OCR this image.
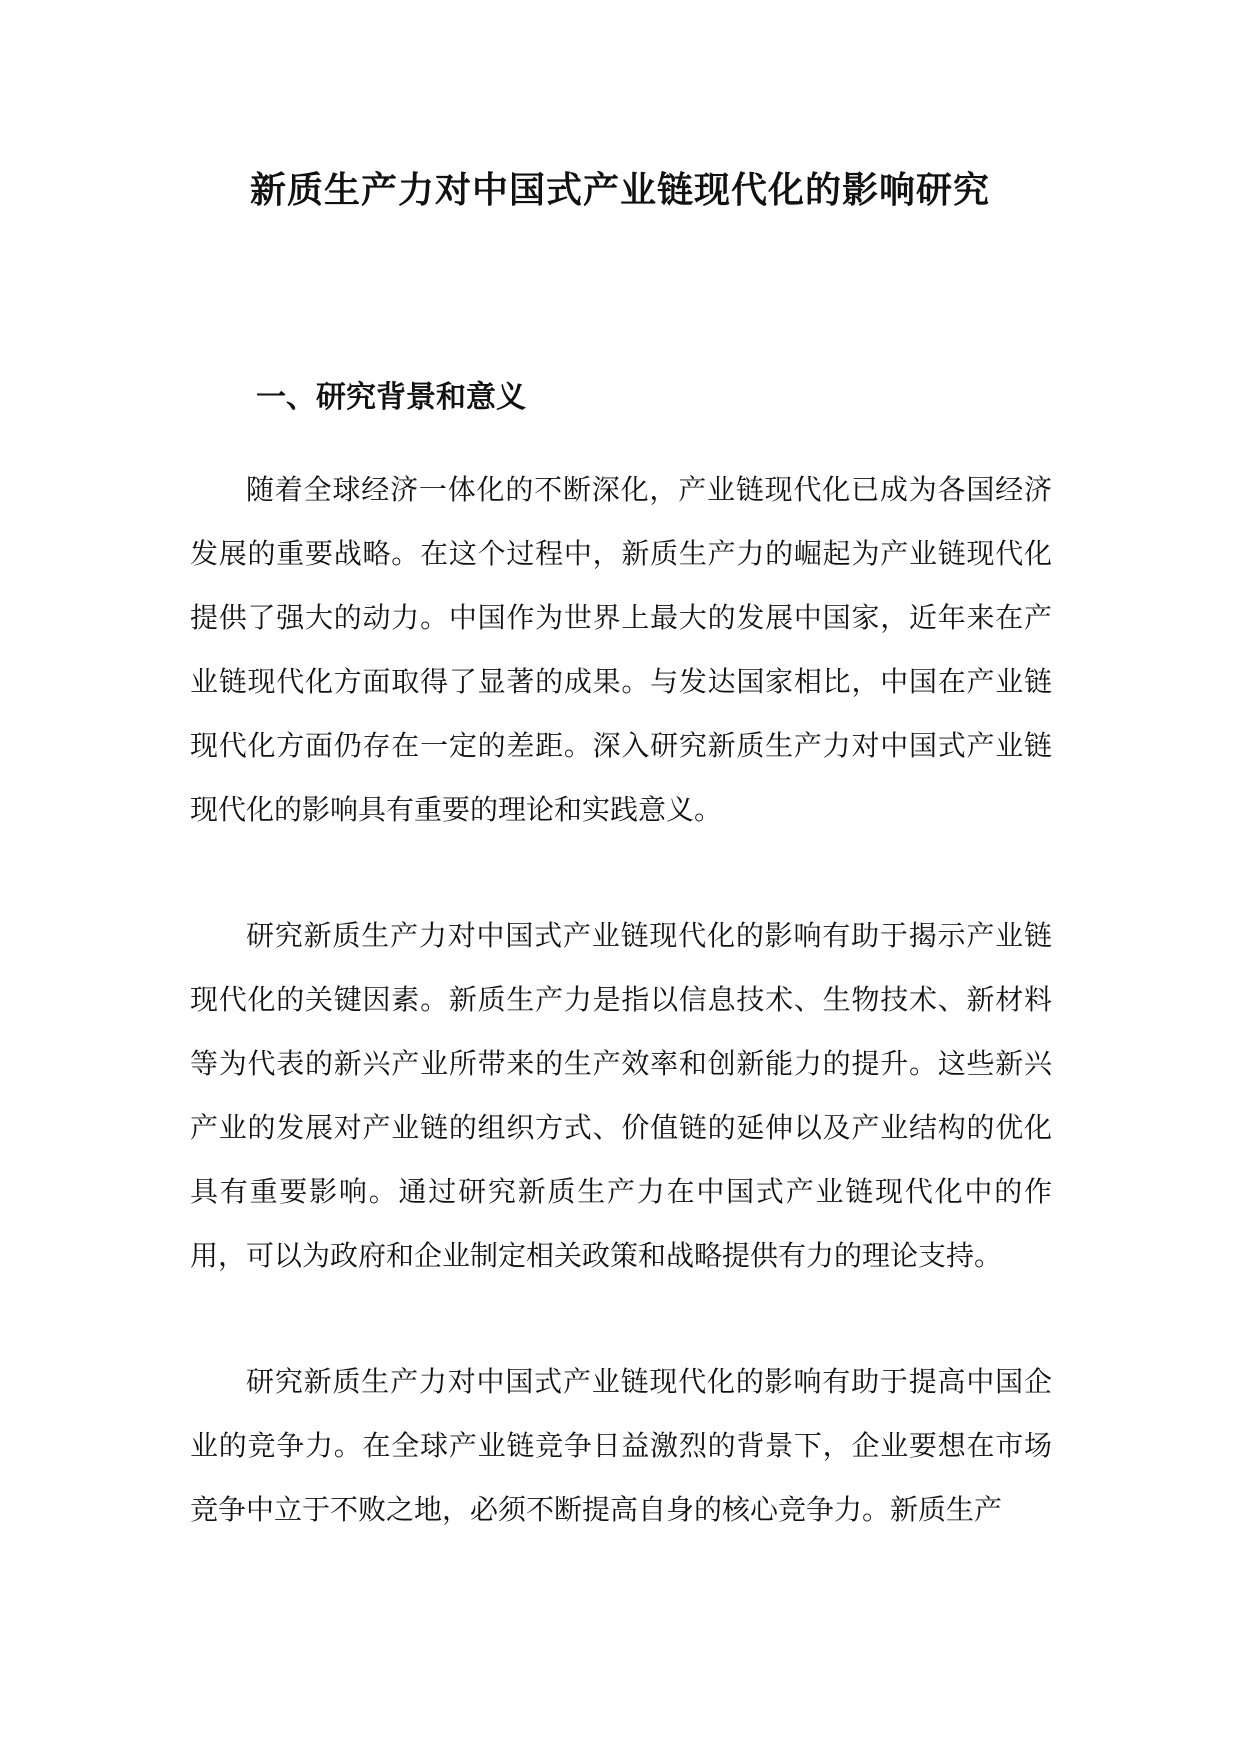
新质生产力对中国式产业链现代化的影响研究
一、研究背景和意义

随着全球经济一体化的不断深化，产业链现代化已成为各国经济发展的重要战略。在这个过程中，新质生产力的崛起为产业链现代化提供了强大的动力。中国作为世界上最大的发展中国家，近年来在产业链现代化方面取得了显著的成果。与发达国家相比，中国在产业链现代化方面仍存在一定的差距。深入研究新质生产力对中国式产业链现代化的影响具有重要的理论和实践意义。

研究新质生产力对中国式产业链现代化的影响有助于揭示产业链现代化的关键因素。新质生产力是指以信息技术、生物技术、新材料等为代表的新兴产业所带来的生产效率和创新能力的提升。这些新兴产业的发展对产业链的组织方式、价值链的延伸以及产业结构的优化具有重要影响。通过研究新质生产力在中国式产业链现代化中的作用，可以为政府和企业制定相关政策和战略提供有力的理论支持。

研究新质生产力对中国式产业链现代化的影响有助于提高中国企业的竞争力。在全球产业链竞争日益激烈的背景下，企业要想在市场竞争中立于不败之地，必须不断提高自身的核心竞争力。新质生产
